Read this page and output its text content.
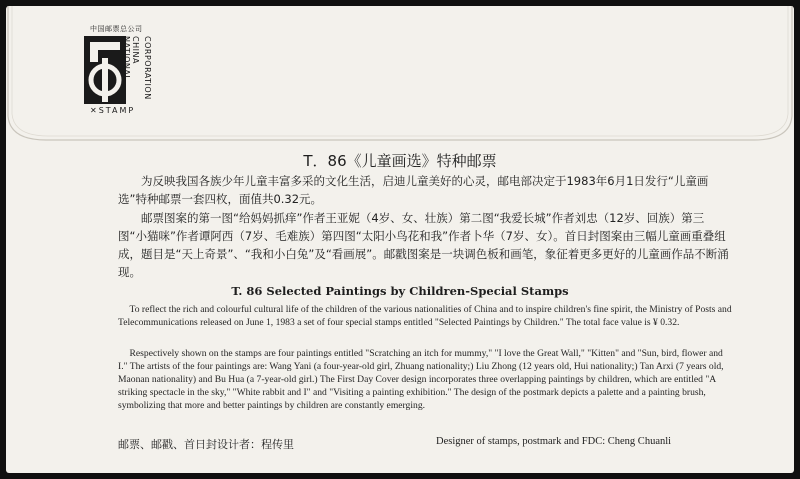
中国邮票总公司
CHINA NATIONAL	CORPORATION
✕STAMP
T．86《儿童画选》特种邮票

为反映我国各族少年儿童丰富多采的文化生活，启迪儿童美好的心灵，邮电部决定于1983年6月1日发行“儿童画选”特种邮票一套四枚，面值共0.32元。

邮票图案的第一图“给妈妈抓痒”作者王亚妮（4岁、女、壮族）第二图“我爱长城”作者刘忠（12岁、回族）第三图“小猫咪”作者谭阿西（7岁、毛难族）第四图“太阳小鸟花和我”作者卜华（7岁、女）。首日封图案由三幅儿童画重叠组成，题目是“天上奇景”、“我和小白兔”及“看画展”。邮戳图案是一块调色板和画笔，象征着更多更好的儿童画作品不断涌现。

T. 86 Selected Paintings by Children-Special Stamps

To reflect the rich and colourful cultural life of the children of the various nationalities of China and to inspire children's fine spirit, the Ministry of Posts and Telecommunications released on June 1, 1983 a set of four special stamps entitled "Selected Paintings by Children." The total face value is ¥ 0.32.

Respectively shown on the stamps are four paintings entitled "Scratching an itch for mummy," "I love the Great Wall," "Kitten" and "Sun, bird, flower and I." The artists of the four paintings are: Wang Yani (a four-year-old girl, Zhuang nationality;) Liu Zhong (12 years old, Hui nationality;) Tan Arxi (7 years old, Maonan nationality) and Bu Hua (a 7-year-old girl.) The First Day Cover design incorporates three overlapping paintings by children, which are entitled "A striking spectacle in the sky," "White rabbit and I" and "Visiting a painting exhibition." The design of the postmark depicts a palette and a painting brush, symbolizing that more and better paintings by children are constantly emerging.

邮票、邮戳、首日封设计者：程传里	Designer of stamps, postmark and FDC: Cheng Chuanli
